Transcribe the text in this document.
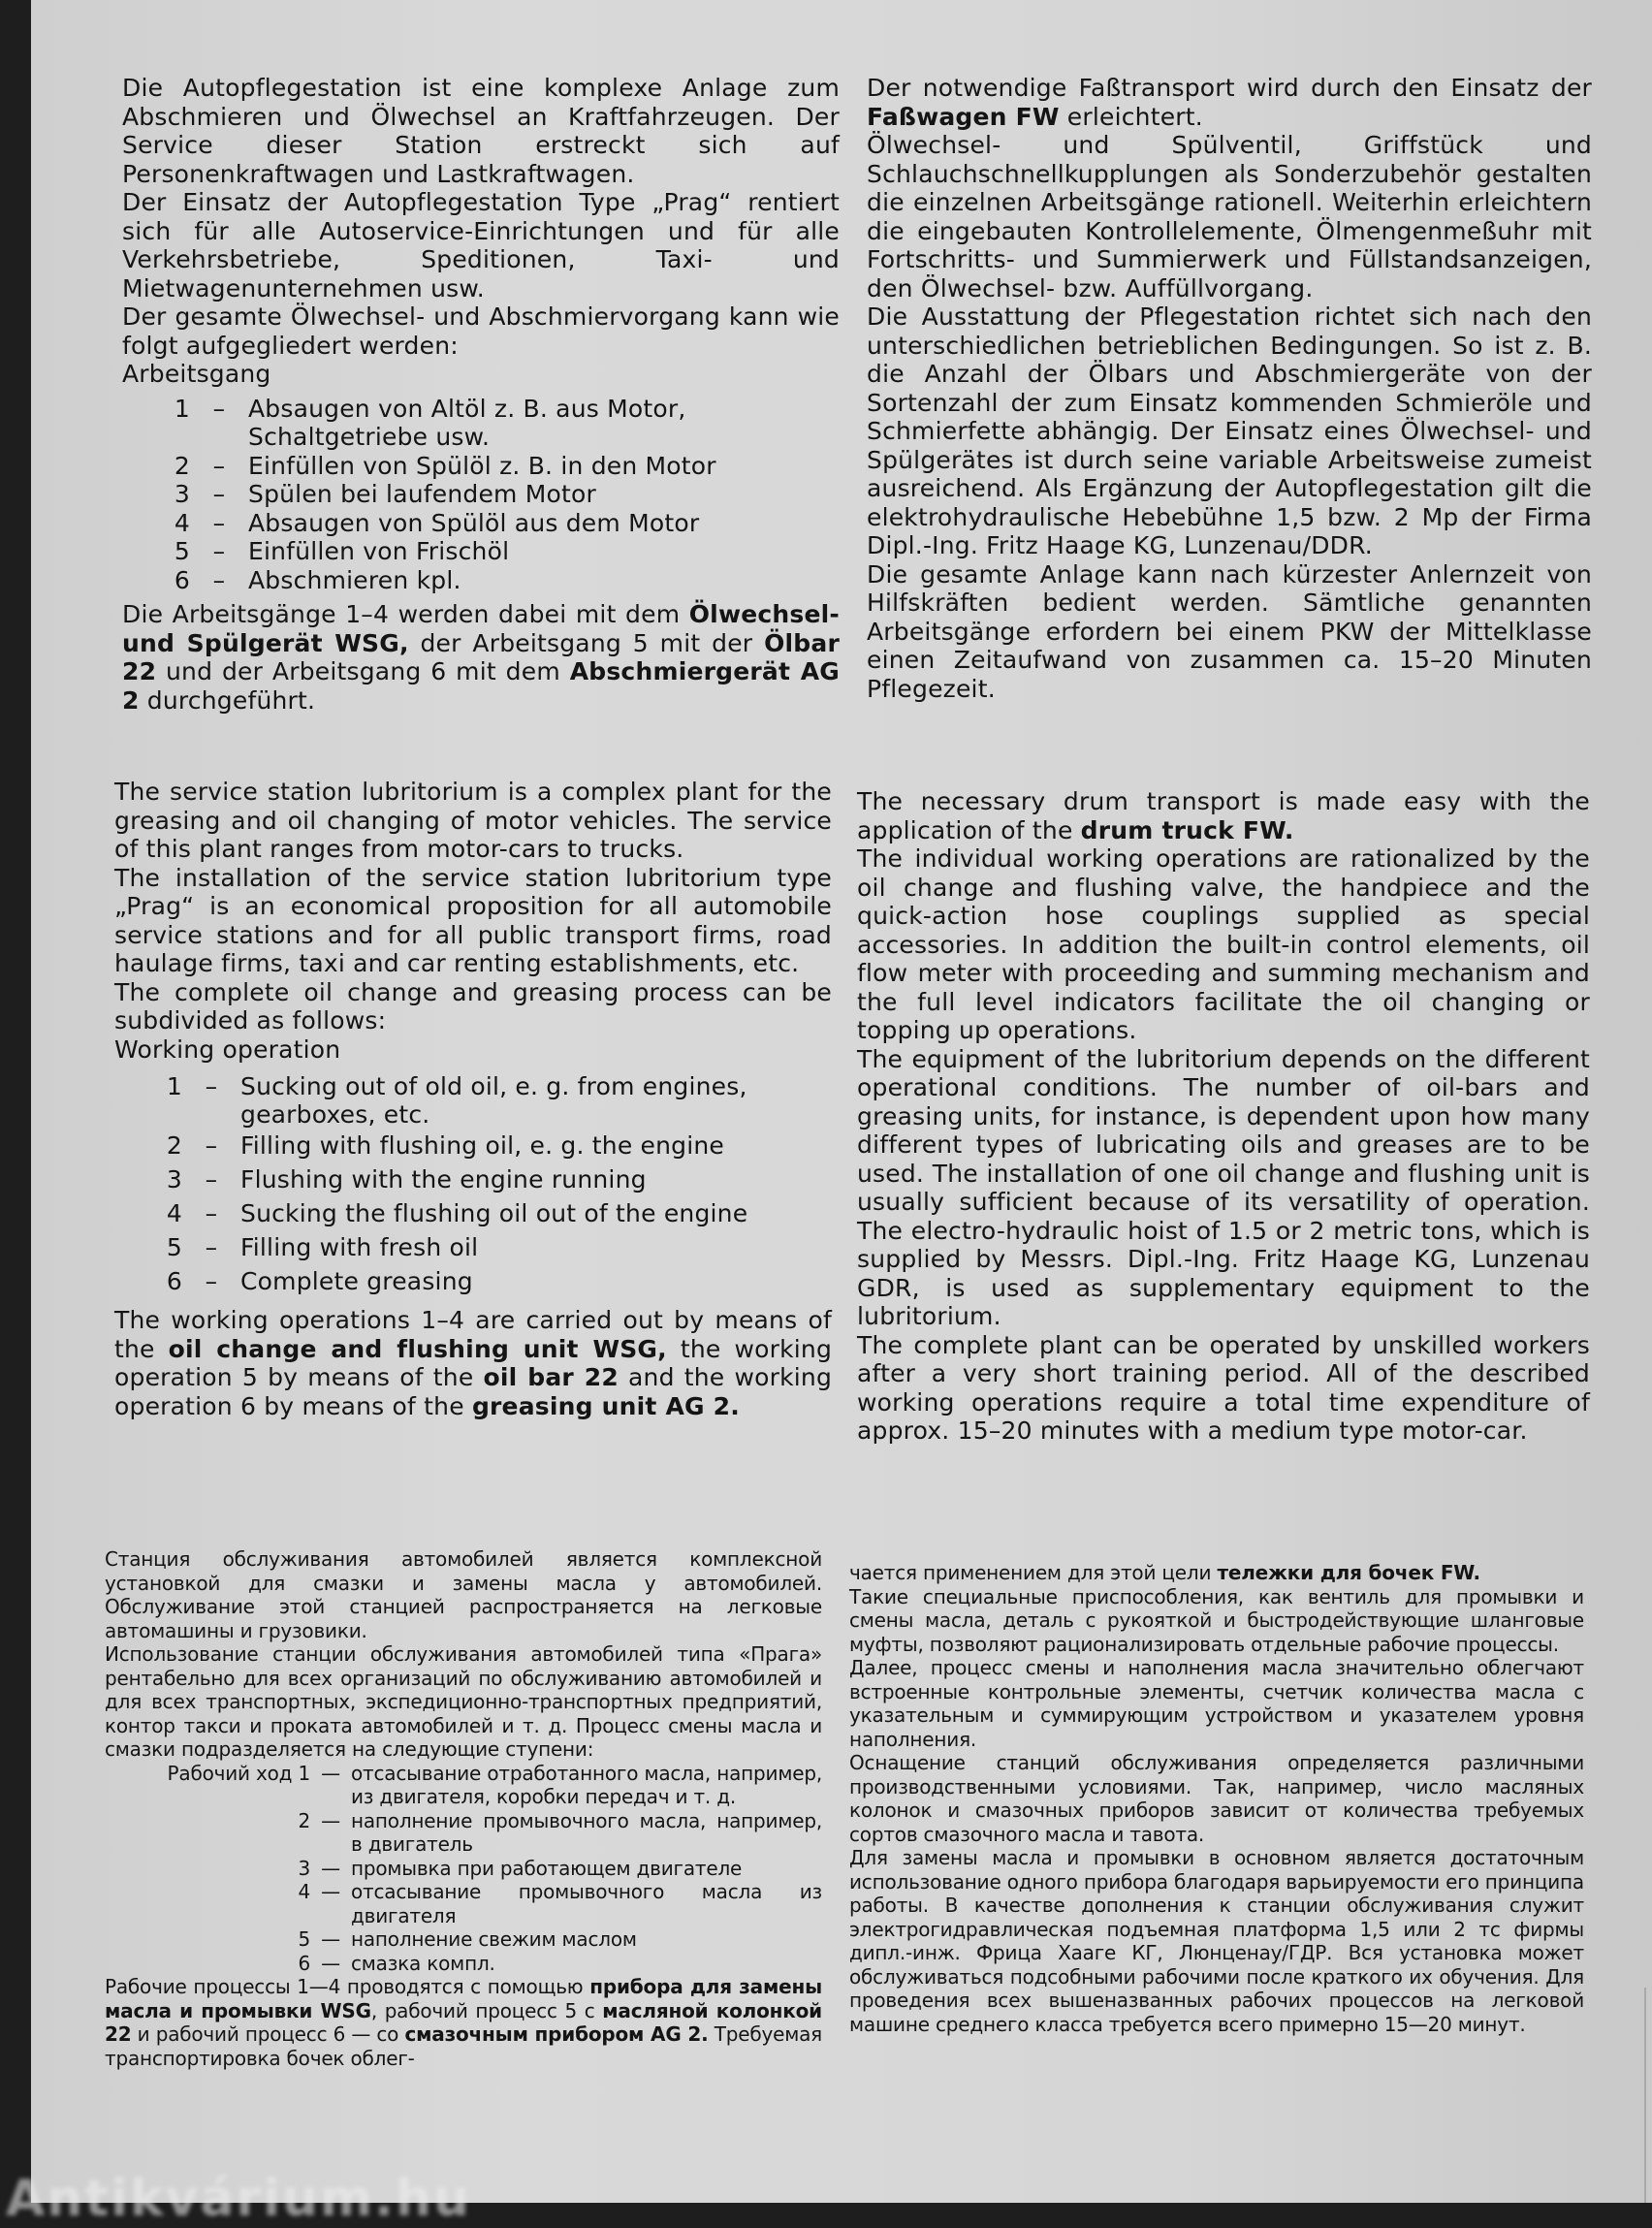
Die Autopflegestation ist eine komplexe Anlage zum Abschmieren und Ölwechsel an Kraftfahrzeugen. Der Service dieser Station erstreckt sich auf Personenkraftwagen und Lastkraftwagen.

Der Einsatz der Autopflegestation Type „Prag“ rentiert sich für alle Autoservice-Einrichtungen und für alle Verkehrsbetriebe, Speditionen, Taxi- und Mietwagenunternehmen usw.

Der gesamte Ölwechsel- und Abschmiervorgang kann wie folgt aufgegliedert werden:

Arbeitsgang

1 – Absaugen von Altöl z. B. aus Motor, Schaltgetriebe usw.
2 – Einfüllen von Spülöl z. B. in den Motor
3 – Spülen bei laufendem Motor
4 – Absaugen von Spülöl aus dem Motor
5 – Einfüllen von Frischöl
6 – Abschmieren kpl.

Die Arbeitsgänge 1–4 werden dabei mit dem Ölwechsel- und Spülgerät WSG, der Arbeitsgang 5 mit der Ölbar 22 und der Arbeitsgang 6 mit dem Abschmiergerät AG 2 durchgeführt.

Der notwendige Faßtransport wird durch den Einsatz der Faßwagen FW erleichtert.

Ölwechsel- und Spülventil, Griffstück und Schlauchschnellkupplungen als Sonderzubehör gestalten die einzelnen Arbeitsgänge rationell. Weiterhin erleichtern die eingebauten Kontrollelemente, Ölmengenmeßuhr mit Fortschritts- und Summierwerk und Füllstandsanzeigen, den Ölwechsel- bzw. Auffüllvorgang.

Die Ausstattung der Pflegestation richtet sich nach den unterschiedlichen betrieblichen Bedingungen. So ist z. B. die Anzahl der Ölbars und Abschmiergeräte von der Sortenzahl der zum Einsatz kommenden Schmieröle und Schmierfette abhängig. Der Einsatz eines Ölwechsel- und Spülgerätes ist durch seine variable Arbeitsweise zumeist ausreichend. Als Ergänzung der Autopflegestation gilt die elektrohydraulische Hebebühne 1,5 bzw. 2 Mp der Firma Dipl.-Ing. Fritz Haage KG, Lunzenau/DDR.

Die gesamte Anlage kann nach kürzester Anlernzeit von Hilfskräften bedient werden. Sämtliche genannten Arbeitsgänge erfordern bei einem PKW der Mittelklasse einen Zeitaufwand von zusammen ca. 15–20 Minuten Pflegezeit.

The service station lubritorium is a complex plant for the greasing and oil changing of motor vehicles. The service of this plant ranges from motor-cars to trucks.

The installation of the service station lubritorium type „Prag“ is an economical proposition for all automobile service stations and for all public transport firms, road haulage firms, taxi and car renting establishments, etc.

The complete oil change and greasing process can be subdivided as follows:

Working operation

1 – Sucking out of old oil, e. g. from engines, gearboxes, etc.
2 – Filling with flushing oil, e. g. the engine
3 – Flushing with the engine running
4 – Sucking the flushing oil out of the engine
5 – Filling with fresh oil
6 – Complete greasing

The working operations 1–4 are carried out by means of the oil change and flushing unit WSG, the working operation 5 by means of the oil bar 22 and the working operation 6 by means of the greasing unit AG 2.

The necessary drum transport is made easy with the application of the drum truck FW.

The individual working operations are rationalized by the oil change and flushing valve, the handpiece and the quick-action hose couplings supplied as special accessories. In addition the built-in control elements, oil flow meter with proceeding and summing mechanism and the full level indicators facilitate the oil changing or topping up operations.

The equipment of the lubritorium depends on the different operational conditions. The number of oil-bars and greasing units, for instance, is dependent upon how many different types of lubricating oils and greases are to be used. The installation of one oil change and flushing unit is usually sufficient because of its versatility of operation. The electro-hydraulic hoist of 1.5 or 2 metric tons, which is supplied by Messrs. Dipl.-Ing. Fritz Haage KG, Lunzenau GDR, is used as supplementary equipment to the lubritorium.

The complete plant can be operated by unskilled workers after a very short training period. All of the described working operations require a total time expenditure of approx. 15–20 minutes with a medium type motor-car.

Станция обслуживания автомобилей является комплексной установкой для смазки и замены масла у автомобилей. Обслуживание этой станцией распространяется на легковые автомашины и грузовики.

Использование станции обслуживания автомобилей типа «Прага» рентабельно для всех организаций по обслуживанию автомобилей и для всех транспортных, экспедиционно-транспортных предприятий, контор такси и проката автомобилей и т. д. Процесс смены масла и смазки подразделяется на следующие ступени:

Рабочий ход 1 — отсасывание отработанного масла, например, из двигателя, коробки передач и т. д.
2 — наполнение промывочного масла, например, в двигатель
3 — промывка при работающем двигателе
4 — отсасывание промывочного масла из двигателя
5 — наполнение свежим маслом
6 — смазка компл.

Рабочие процессы 1—4 проводятся с помощью прибора для замены масла и промывки WSG, рабочий процесс 5 с масляной колонкой 22 и рабочий процесс 6 — со смазочным прибором AG 2. Требуемая транспортировка бочек облег-

чается применением для этой цели тележки для бочек FW.

Такие специальные приспособления, как вентиль для промывки и смены масла, деталь с рукояткой и быстродействующие шланговые муфты, позволяют рационализировать отдельные рабочие процессы.

Далее, процесс смены и наполнения масла значительно облегчают встроенные контрольные элементы, счетчик количества масла с указательным и суммирующим устройством и указателем уровня наполнения.

Оснащение станций обслуживания определяется различными производственными условиями. Так, например, число масляных колонок и смазочных приборов зависит от количества требуемых сортов смазочного масла и тавота.

Для замены масла и промывки в основном является достаточным использование одного прибора благодаря варьируемости его принципа работы. В качестве дополнения к станции обслуживания служит электрогидравлическая подъемная платформа 1,5 или 2 тс фирмы дипл.-инж. Фрица Хааге КГ, Люнценау/ГДР. Вся установка может обслуживаться подсобными рабочими после краткого их обучения. Для проведения всех вышеназванных рабочих процессов на легковой машине среднего класса требуется всего примерно 15—20 минут.

Antikvárium.hu
